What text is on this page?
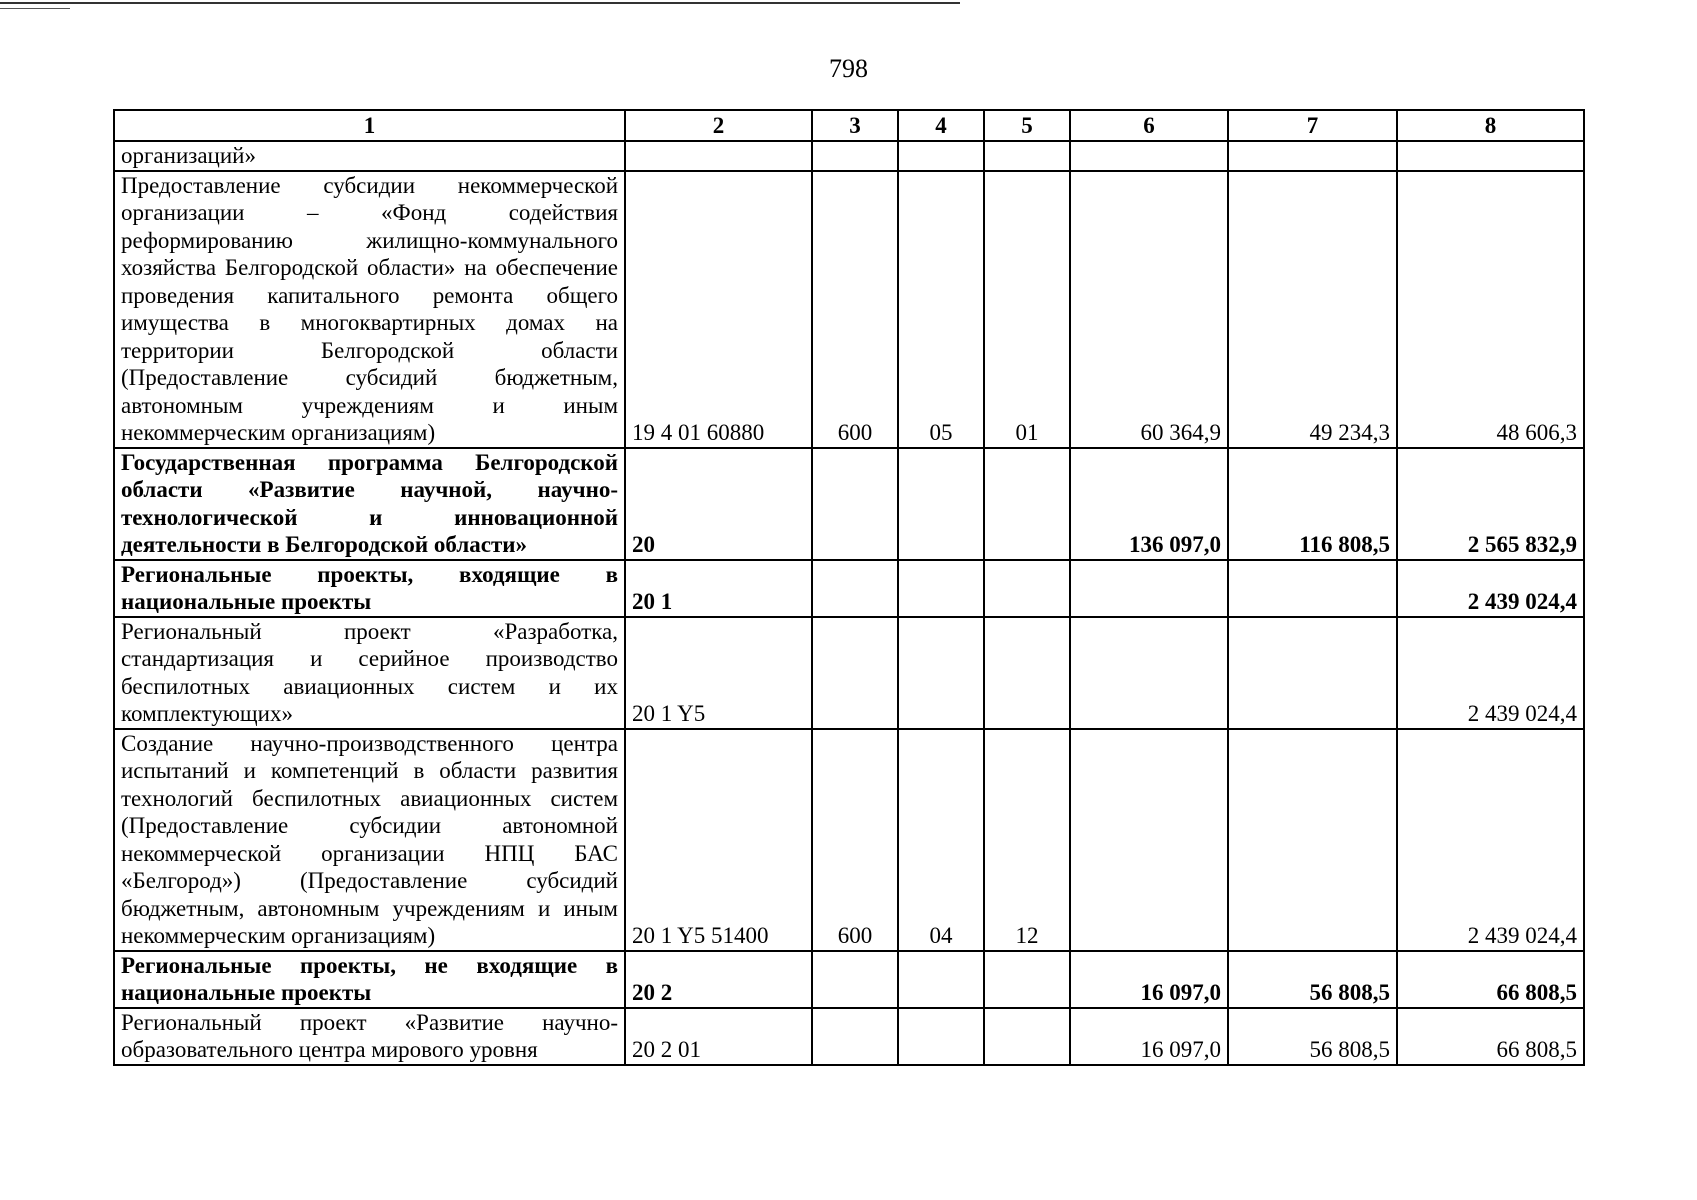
798
1	2	3	4	5	6	7	8
организаций»							
Предоставление субсидии некоммерческой организации – «Фонд содействия реформированию жилищно-коммунального хозяйства Белгородской области» на обеспечение проведения капитального ремонта общего имущества в многоквартирных домах на территории Белгородской области (Предоставление субсидий бюджетным, автономным учреждениям и иным некоммерческим организациям)	19 4 01 60880	600	05	01	60 364,9	49 234,3	48 606,3
Государственная программа Белгородской области «Развитие научной, научно-технологической и инновационной деятельности в Белгородской области»	20				136 097,0	116 808,5	2 565 832,9
Региональные проекты, входящие в национальные проекты	20 1						2 439 024,4
Региональный проект «Разработка, стандартизация и серийное производство беспилотных авиационных систем и их комплектующих»	20 1 Y5						2 439 024,4
Создание научно-производственного центра испытаний и компетенций в области развития технологий беспилотных авиационных систем (Предоставление субсидии автономной некоммерческой организации НПЦ БАС «Белгород») (Предоставление субсидий бюджетным, автономным учреждениям и иным некоммерческим организациям)	20 1 Y5 51400	600	04	12			2 439 024,4
Региональные проекты, не входящие в национальные проекты	20 2				16 097,0	56 808,5	66 808,5
Региональный проект «Развитие научно-образовательного центра мирового уровня	20 2 01				16 097,0	56 808,5	66 808,5
